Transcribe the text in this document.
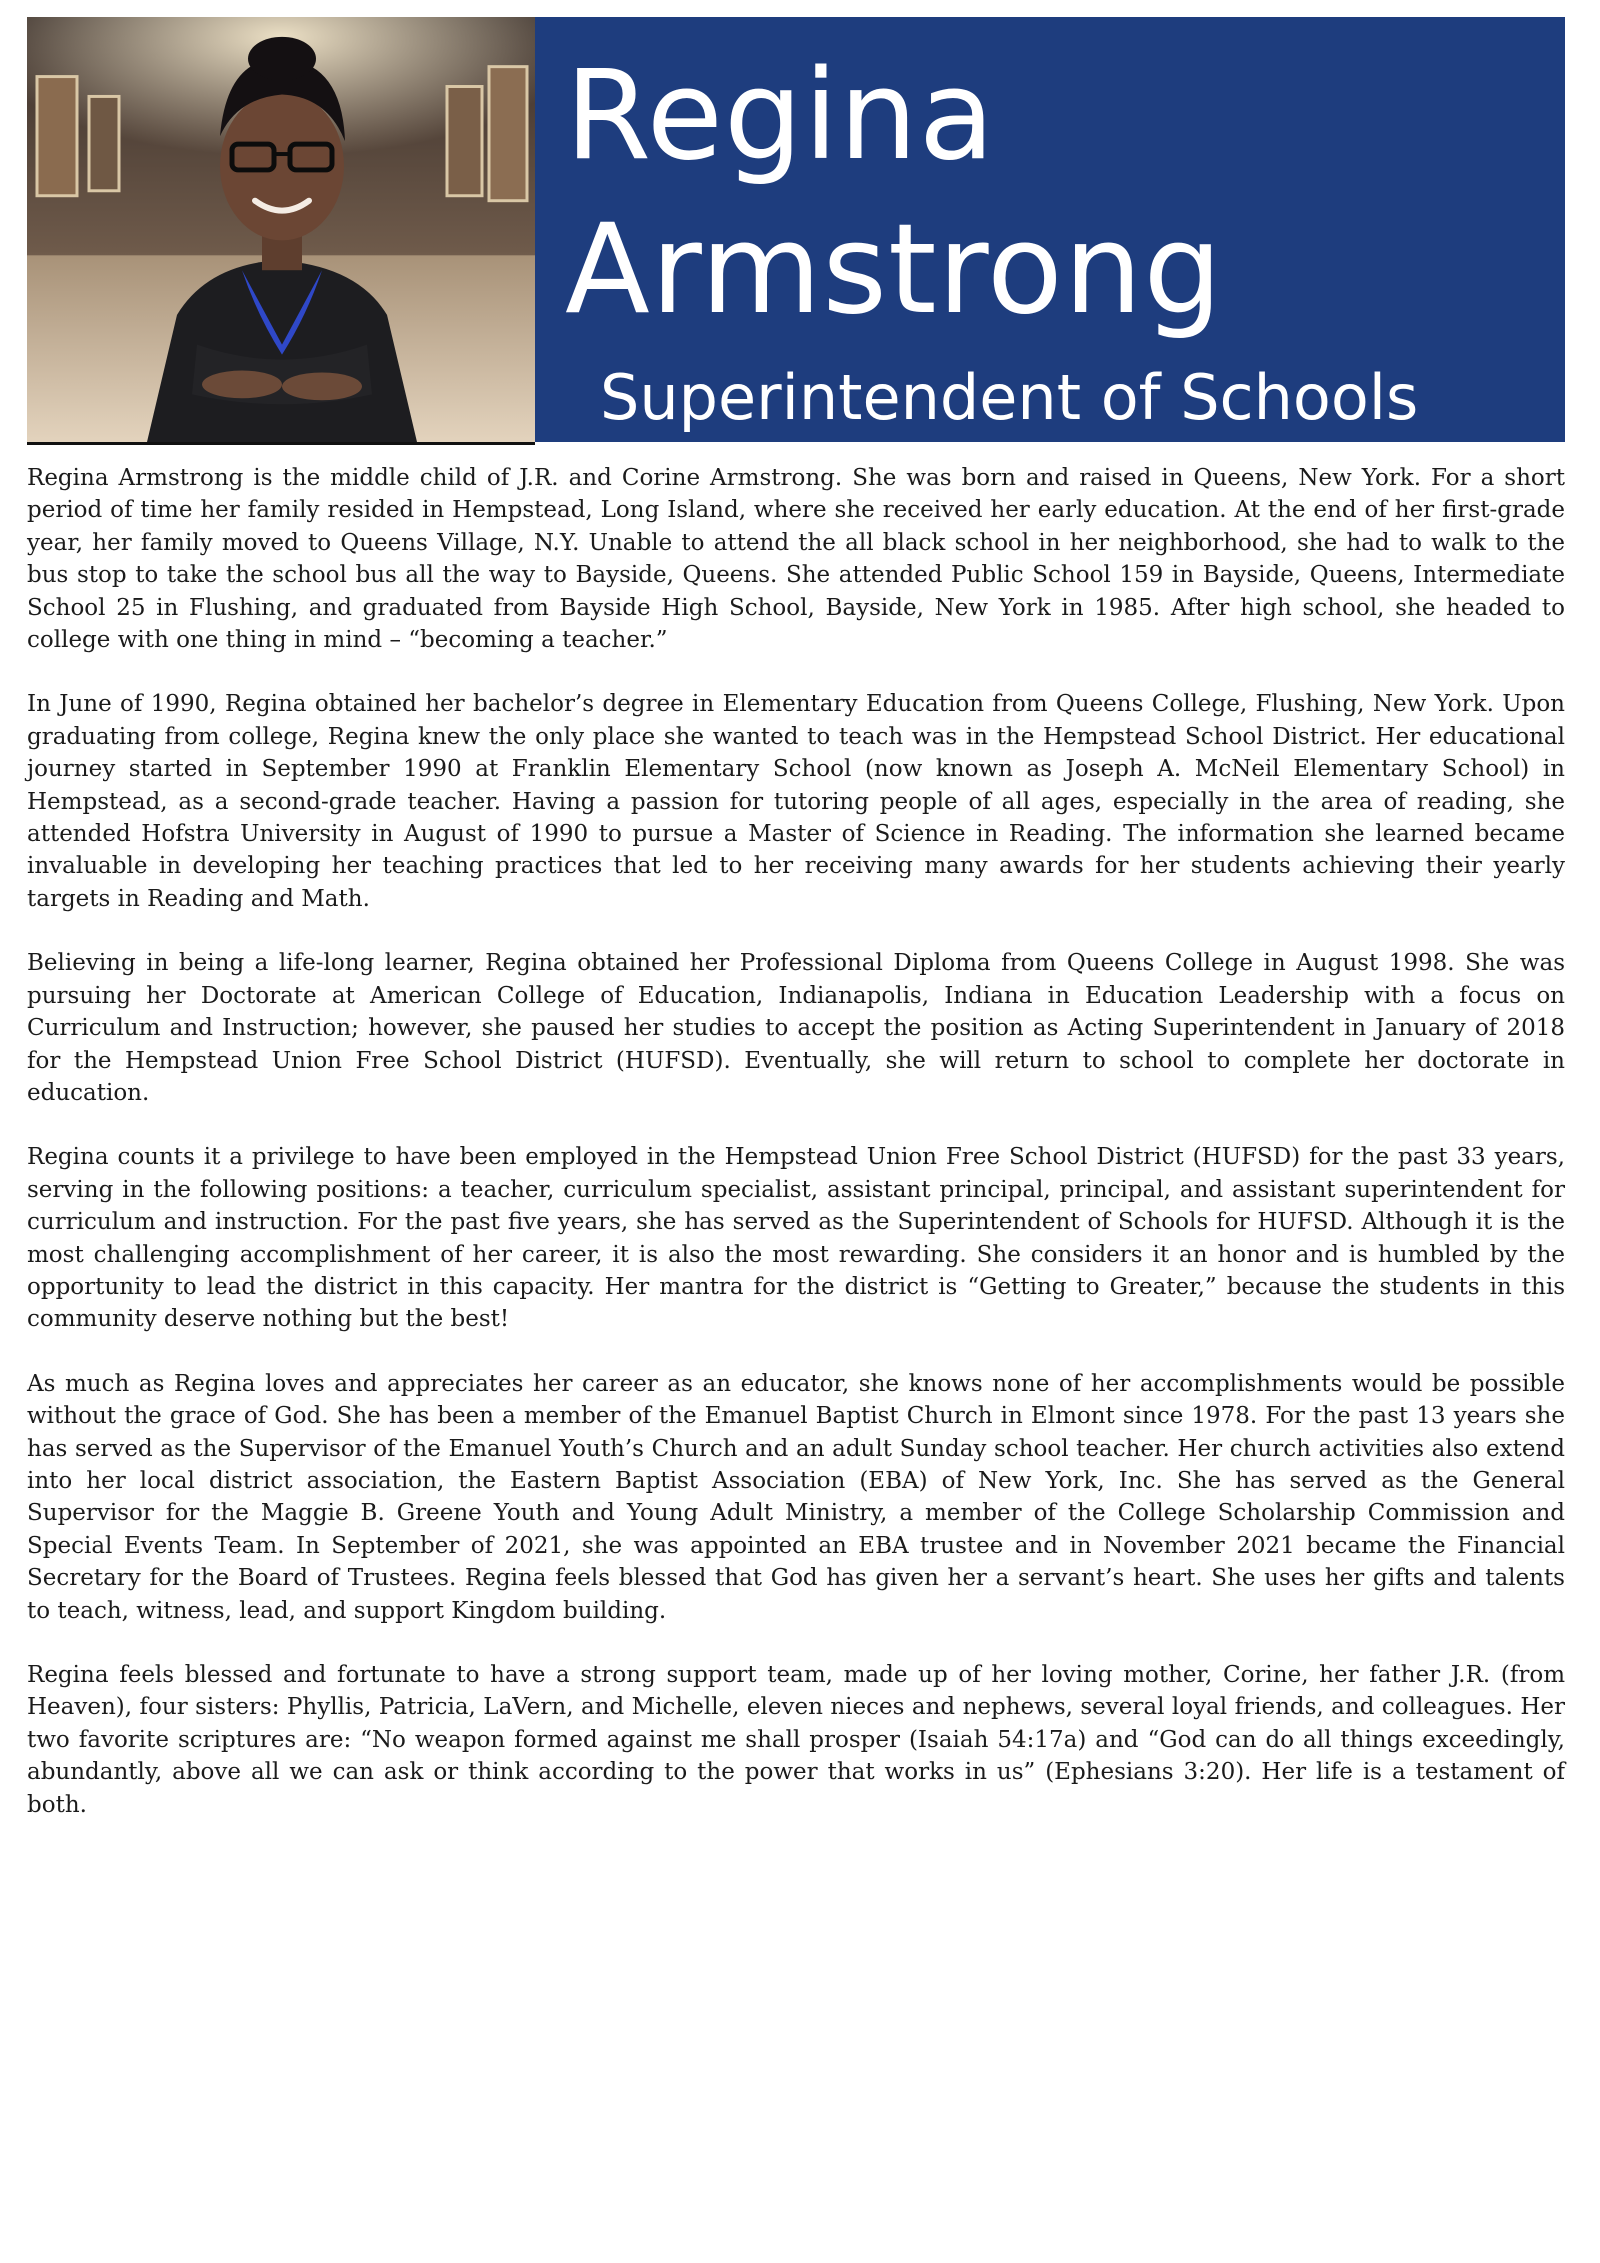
Regina
Armstrong
Superintendent of Schools

Regina Armstrong is the middle child of J.R. and Corine Armstrong. She was born and raised in Queens, New York. For a short period of time her family resided in Hempstead, Long Island, where she received her early education. At the end of her first-grade year, her family moved to Queens Village, N.Y. Unable to attend the all black school in her neighborhood, she had to walk to the bus stop to take the school bus all the way to Bayside, Queens. She attended Public School 159 in Bayside, Queens, Intermediate School 25 in Flushing, and graduated from Bayside High School, Bayside, New York in 1985. After high school, she headed to college with one thing in mind – “becoming a teacher.”

In June of 1990, Regina obtained her bachelor’s degree in Elementary Education from Queens College, Flushing, New York. Upon graduating from college, Regina knew the only place she wanted to teach was in the Hempstead School District. Her educational journey started in September 1990 at Franklin Elementary School (now known as Joseph A. McNeil Elementary School) in Hempstead, as a second-grade teacher. Having a passion for tutoring people of all ages, especially in the area of reading, she attended Hofstra University in August of 1990 to pursue a Master of Science in Reading. The information she learned became invaluable in developing her teaching practices that led to her receiving many awards for her students achieving their yearly targets in Reading and Math.

Believing in being a life-long learner, Regina obtained her Professional Diploma from Queens College in August 1998. She was pursuing her Doctorate at American College of Education, Indianapolis, Indiana in Education Leadership with a focus on Curriculum and Instruction; however, she paused her studies to accept the position as Acting Superintendent in January of 2018 for the Hempstead Union Free School District (HUFSD). Eventually, she will return to school to complete her doctorate in education.

Regina counts it a privilege to have been employed in the Hempstead Union Free School District (HUFSD) for the past 33 years, serving in the following positions: a teacher, curriculum specialist, assistant principal, principal, and assistant superintendent for curriculum and instruction. For the past five years, she has served as the Superintendent of Schools for HUFSD. Although it is the most challenging accomplishment of her career, it is also the most rewarding. She considers it an honor and is humbled by the opportunity to lead the district in this capacity. Her mantra for the district is “Getting to Greater,” because the students in this community deserve nothing but the best!

As much as Regina loves and appreciates her career as an educator, she knows none of her accomplishments would be possible without the grace of God. She has been a member of the Emanuel Baptist Church in Elmont since 1978. For the past 13 years she has served as the Supervisor of the Emanuel Youth’s Church and an adult Sunday school teacher. Her church activities also extend into her local district association, the Eastern Baptist Association (EBA) of New York, Inc. She has served as the General Supervisor for the Maggie B. Greene Youth and Young Adult Ministry, a member of the College Scholarship Commission and Special Events Team. In September of 2021, she was appointed an EBA trustee and in November 2021 became the Financial Secretary for the Board of Trustees. Regina feels blessed that God has given her a servant’s heart. She uses her gifts and talents to teach, witness, lead, and support Kingdom building.

Regina feels blessed and fortunate to have a strong support team, made up of her loving mother, Corine, her father J.R. (from Heaven), four sisters: Phyllis, Patricia, LaVern, and Michelle, eleven nieces and nephews, several loyal friends, and colleagues. Her two favorite scriptures are: “No weapon formed against me shall prosper (Isaiah 54:17a) and “God can do all things exceedingly, abundantly, above all we can ask or think according to the power that works in us” (Ephesians 3:20). Her life is a testament of both.
